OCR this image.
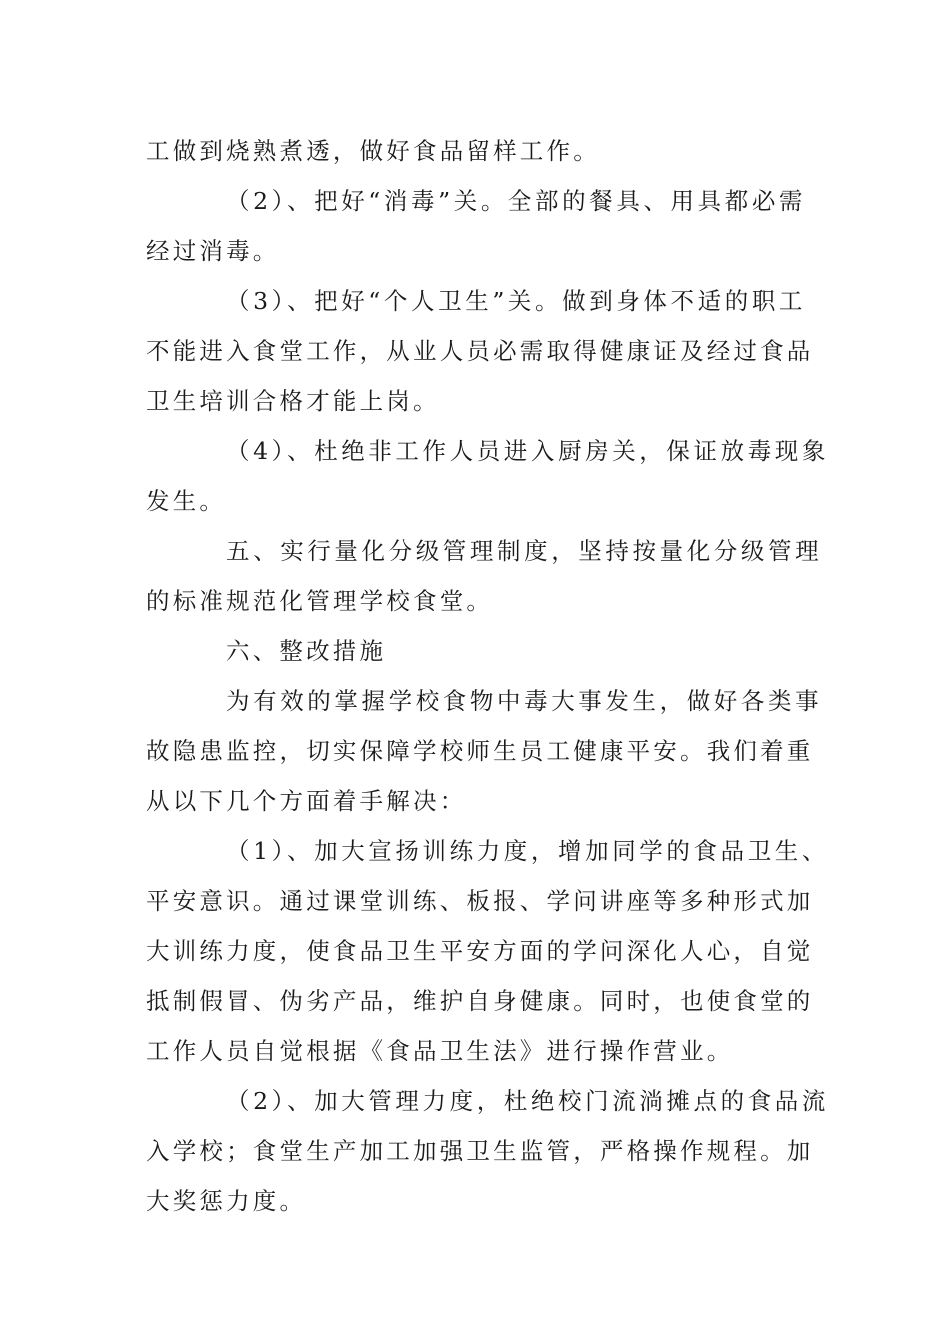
工做到烧熟煮透，做好食品留样工作。
（2）、把好“消毒”关。全部的餐具、用具都必需
经过消毒。
（3）、把好“个人卫生”关。做到身体不适的职工
不能进入食堂工作，从业人员必需取得健康证及经过食品
卫生培训合格才能上岗。
（4）、杜绝非工作人员进入厨房关，保证放毒现象
发生。
五、实行量化分级管理制度，坚持按量化分级管理
的标准规范化管理学校食堂。
六、整改措施
为有效的掌握学校食物中毒大事发生，做好各类事
故隐患监控，切实保障学校师生员工健康平安。我们着重
从以下几个方面着手解决：
（1）、加大宣扬训练力度，增加同学的食品卫生、
平安意识。通过课堂训练、板报、学问讲座等多种形式加
大训练力度，使食品卫生平安方面的学问深化人心，自觉
抵制假冒、伪劣产品，维护自身健康。同时，也使食堂的
工作人员自觉根据《食品卫生法》进行操作营业。
（2）、加大管理力度，杜绝校门流淌摊点的食品流
入学校；食堂生产加工加强卫生监管，严格操作规程。加
大奖惩力度。
